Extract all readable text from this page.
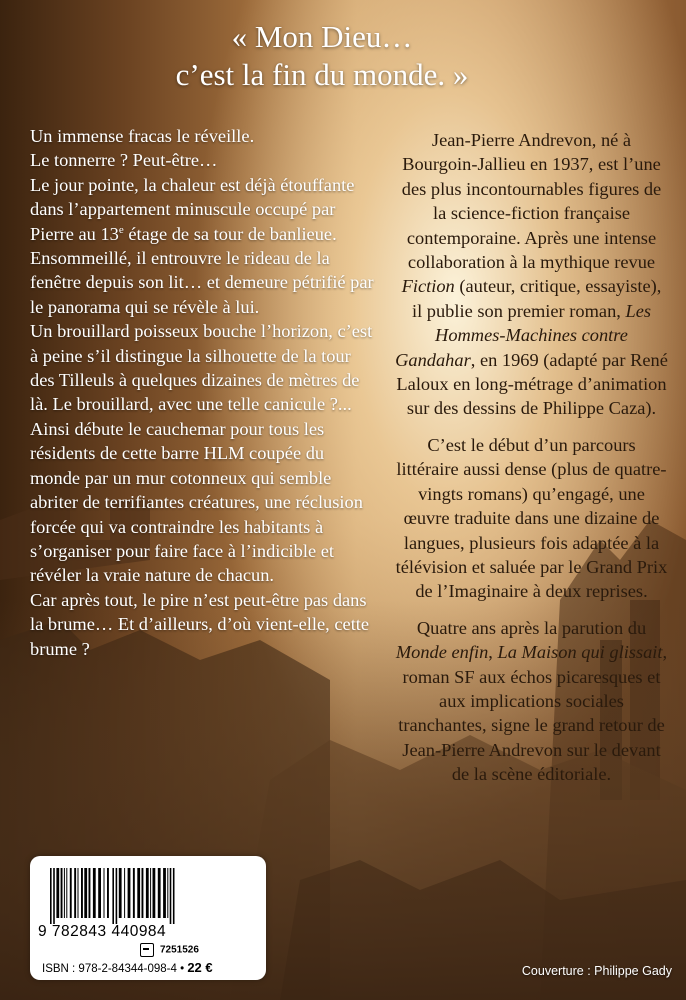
« Mon Dieu…
c’est la fin du monde. »

Un immense fracas le réveille.

Le tonnerre ? Peut-être…

Le jour pointe, la chaleur est déjà étouffante dans l’appartement minuscule occupé par Pierre au 13e étage de sa tour de banlieue. Ensommeillé, il entrouvre le rideau de la fenêtre depuis son lit… et demeure pétrifié par le panorama qui se révèle à lui.

Un brouillard poisseux bouche l’horizon, c’est à peine s’il distingue la silhouette de la tour des Tilleuls à quelques dizaines de mètres de là. Le brouillard, avec une telle canicule ?...

Ainsi débute le cauchemar pour tous les résidents de cette barre HLM coupée du monde par un mur cotonneux qui semble abriter de terrifiantes créatures, une réclusion forcée qui va contraindre les habitants à s’organiser pour faire face à l’indicible et révéler la vraie nature de chacun.

Car après tout, le pire n’est peut-être pas dans la brume… Et d’ailleurs, d’où vient-elle, cette brume ?

Jean-Pierre Andrevon, né à Bourgoin-Jallieu en 1937, est l’une des plus incontournables figures de la science-fiction française contemporaine. Après une intense collaboration à la mythique revue Fiction (auteur, critique, essayiste), il publie son premier roman, Les Hommes-Machines contre Gandahar, en 1969 (adapté par René Laloux en long-métrage d’animation sur des dessins de Philippe Caza).

C’est le début d’un parcours littéraire aussi dense (plus de quatre-vingts romans) qu’engagé, une œuvre traduite dans une dizaine de langues, plusieurs fois adaptée à la télévision et saluée par le Grand Prix de l’Imaginaire à deux reprises.

Quatre ans après la parution du Monde enfin, La Maison qui glissait, roman SF aux échos picaresques et aux implications sociales tranchantes, signe le grand retour de Jean-Pierre Andrevon sur le devant de la scène éditoriale.

9 782843 440984
7251526
ISBN : 978-2-84344-098-4 • 22 €	Couverture : Philippe Gady
